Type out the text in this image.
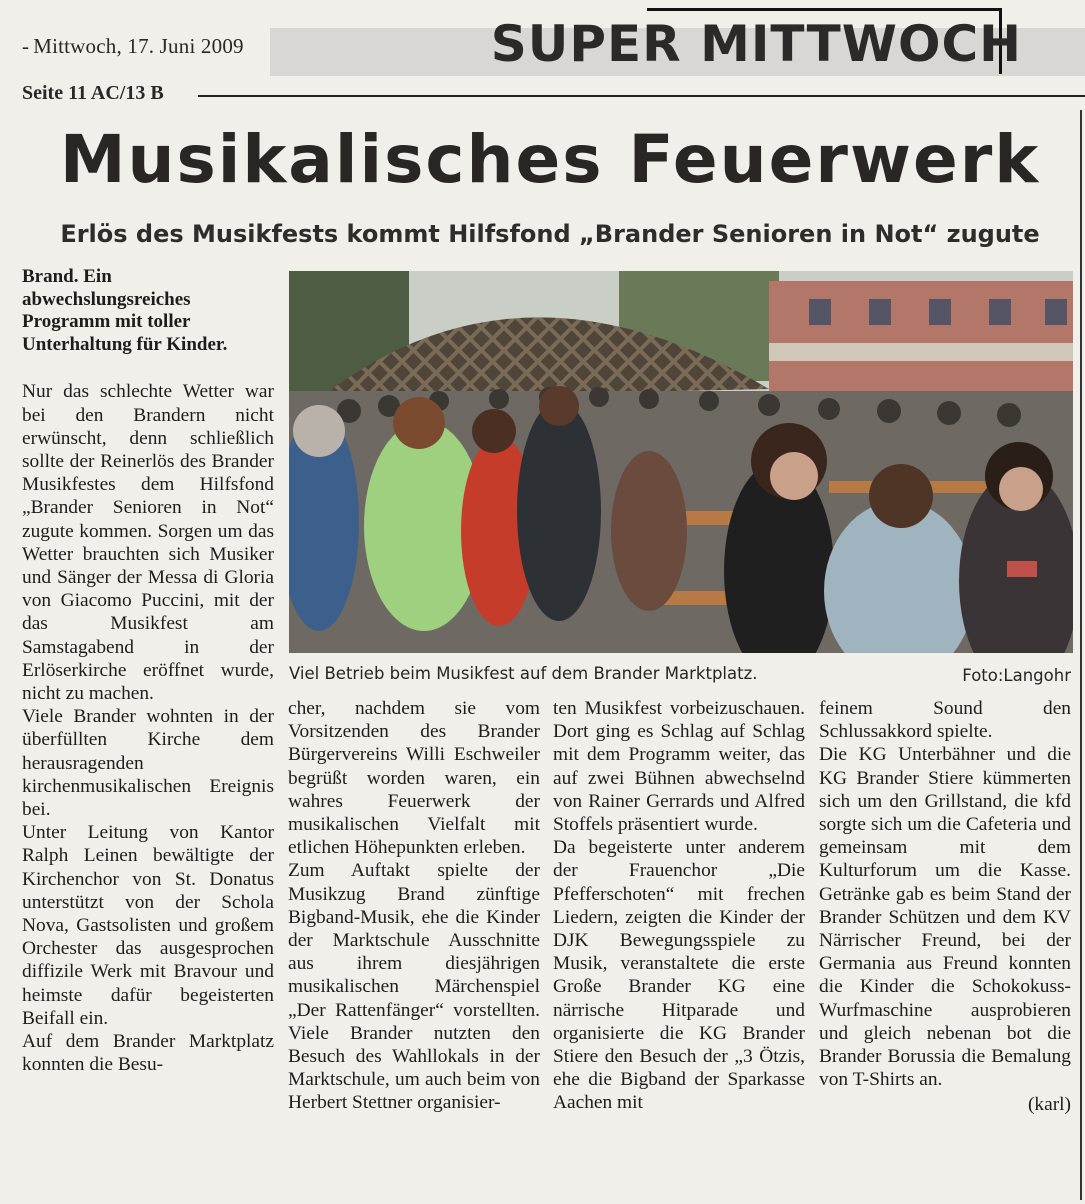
- Mittwoch, 17. Juni 2009	SUPER MITTWOCH
Seite 11 AC/13 B
Musikalisches Feuerwerk
Erlös des Musikfests kommt Hilfsfond „Brander Senioren in Not“ zugute

Brand. Ein abwechslungsreiches Programm mit toller Unterhaltung für Kinder.

Nur das schlechte Wetter war bei den Brandern nicht erwünscht, denn schließlich sollte der Reinerlös des Brander Musikfestes dem Hilfsfond „Brander Senioren in Not“ zugute kommen. Sorgen um das Wetter brauchten sich Musiker und Sänger der Messa di Gloria von Giacomo Puccini, mit der das Musikfest am Samstagabend in der Erlöserkirche eröffnet wurde, nicht zu machen.

Viele Brander wohnten in der überfüllten Kirche dem herausragenden kirchenmusikalischen Ereignis bei.

Unter Leitung von Kantor Ralph Leinen bewältigte der Kirchenchor von St. Donatus unterstützt von der Schola Nova, Gastsolisten und großem Orchester das ausgesprochen diffizile Werk mit Bravour und heimste dafür begeisterten Beifall ein.

Auf dem Brander Marktplatz konnten die Besu-

Viel Betrieb beim Musikfest auf dem Brander Marktplatz.	Foto:Langohr

cher, nachdem sie vom Vorsitzenden des Brander Bürgervereins Willi Eschweiler begrüßt worden waren, ein wahres Feuerwerk der musikalischen Vielfalt mit etlichen Höhepunkten erleben.

Zum Auftakt spielte der Musikzug Brand zünftige Bigband-Musik, ehe die Kinder der Marktschule Ausschnitte aus ihrem diesjährigen musikalischen Märchenspiel „Der Rattenfänger“ vorstellten. Viele Brander nutzten den Besuch des Wahllokals in der Marktschule, um auch beim von Herbert Stettner organisier-

ten Musikfest vorbeizuschauen. Dort ging es Schlag auf Schlag mit dem Programm weiter, das auf zwei Bühnen abwechselnd von Rainer Gerrards und Alfred Stoffels präsentiert wurde.

Da begeisterte unter anderem der Frauenchor „Die Pfefferschoten“ mit frechen Liedern, zeigten die Kinder der DJK Bewegungsspiele zu Musik, veranstaltete die erste Große Brander KG eine närrische Hitparade und organisierte die KG Brander Stiere den Besuch der „3 Ötzis, ehe die Bigband der Sparkasse Aachen mit

feinem Sound den Schlussakkord spielte.

Die KG Unterbähner und die KG Brander Stiere kümmerten sich um den Grillstand, die kfd sorgte sich um die Cafeteria und gemeinsam mit dem Kulturforum um die Kasse. Getränke gab es beim Stand der Brander Schützen und dem KV Närrischer Freund, bei der Germania aus Freund konnten die Kinder die Schokokuss-Wurfmaschine ausprobieren und gleich nebenan bot die Brander Borussia die Bemalung von T-Shirts an.

(karl)
